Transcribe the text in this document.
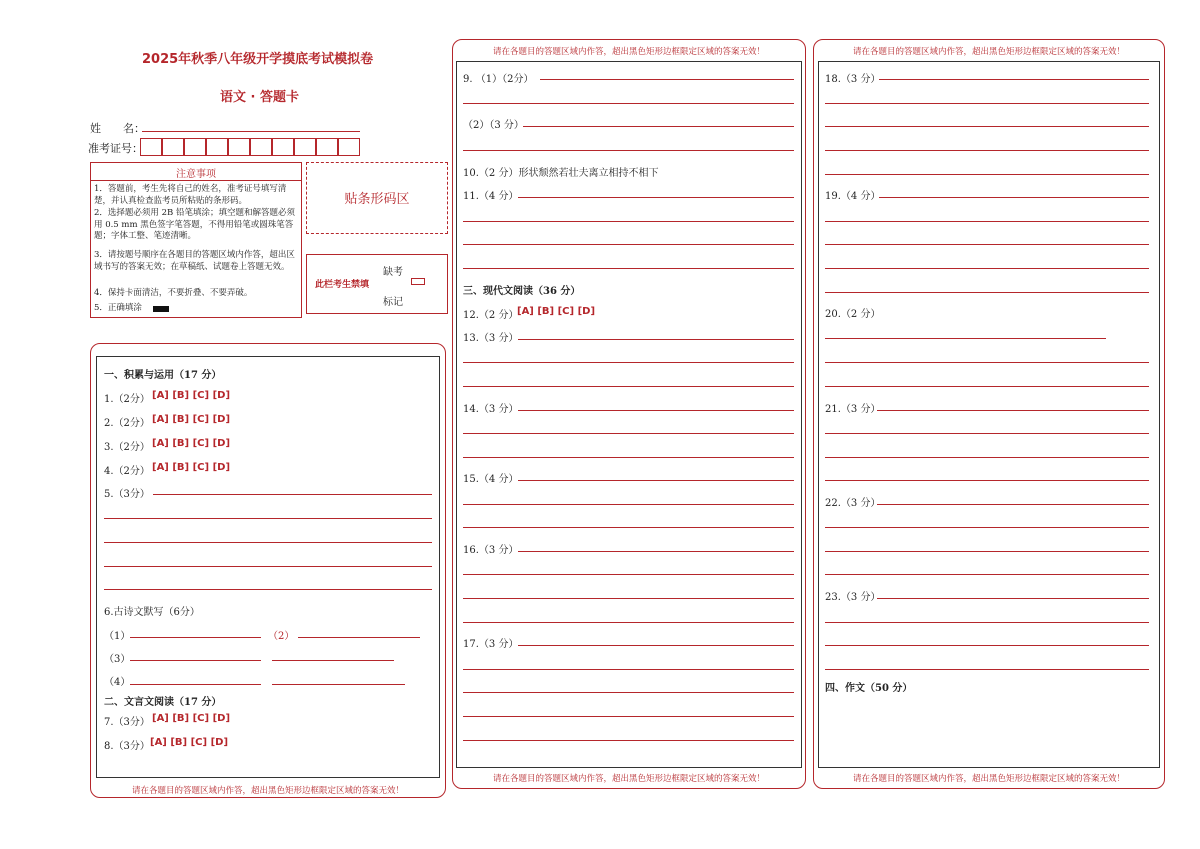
2025年秋季八年级开学摸底考试模拟卷
语文 · 答题卡
姓　　名：
准考证号：
注意事项
1．答题前，考生先将自己的姓名，准考证号填写清楚，并认真检查监考员所粘贴的条形码。
2．选择题必须用 2B 铅笔填涂；填空题和解答题必须用 0.5 mm 黑色签字笔答题，不得用铅笔或圆珠笔答题；字体工整、笔迹清晰。
3．请按题号顺序在各题目的答题区域内作答，超出区域书写的答案无效；在草稿纸、试题卷上答题无效。
4．保持卡面清洁，不要折叠、不要弄破。
5．正确填涂
贴条形码区
此栏考生禁填
缺考
标记
一、积累与运用（17 分）
1.（2分） [A] [B] [C] [D]
2.（2分） [A] [B] [C] [D]
3.（2分） [A] [B] [C] [D]
4.（2分） [A] [B] [C] [D]
5.（3分）
6.古诗文默写（6分）
（1）	（2）
（3）
（4）
二、文言文阅读（17 分）
7.（3分） [A] [B] [C] [D]
8.（3分） [A] [B] [C] [D]
请在各题目的答题区域内作答，超出黑色矩形边框限定区域的答案无效！
请在各题目的答题区域内作答，超出黑色矩形边框限定区域的答案无效！
9. （1）（2分）
（2）（3 分）
10.（2 分）形状颓然若壮夫离立相持不相下
11.（4 分）
三、现代文阅读（36 分）
12.（2 分）
[A] [B] [C] [D]
13.（3 分）
14.（3 分）
15.（4 分）
16.（3 分）
17.（3 分）
请在各题目的答题区域内作答，超出黑色矩形边框限定区域的答案无效！
请在各题目的答题区域内作答，超出黑色矩形边框限定区域的答案无效！
18.（3 分）
19.（4 分）
20.（2 分）
21.（3 分）
22.（3 分）
23.（3 分）
四、作文（50 分）
请在各题目的答题区域内作答，超出黑色矩形边框限定区域的答案无效！
